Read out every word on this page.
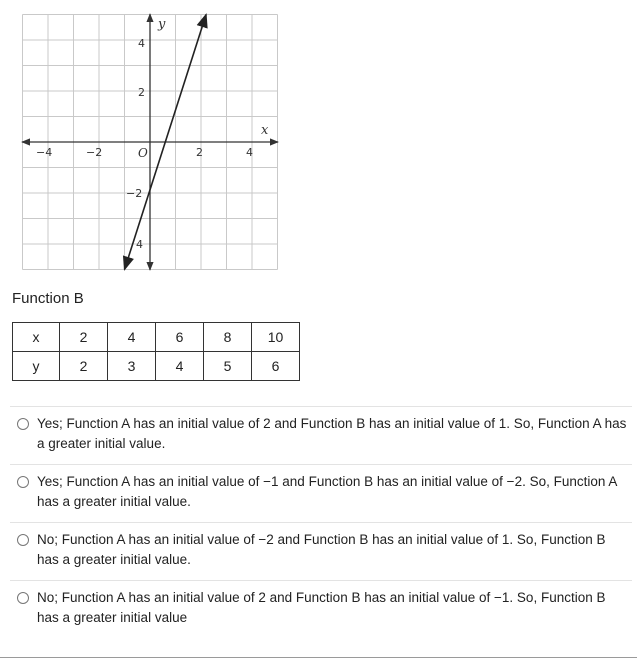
x
y
O
−4	−2	2	4
4
2
−2
4
Function B
x	2	4	6	8	10
y	2	3	4	5	6
Yes; Function A has an initial value of 2 and Function B has an initial value of 1. So, Function A has a greater initial value.
Yes; Function A has an initial value of −1 and Function B has an initial value of −2. So, Function A has a greater initial value.
No; Function A has an initial value of −2 and Function B has an initial value of 1. So, Function B has a greater initial value.
No; Function A has an initial value of 2 and Function B has an initial value of −1. So, Function B has a greater initial value
